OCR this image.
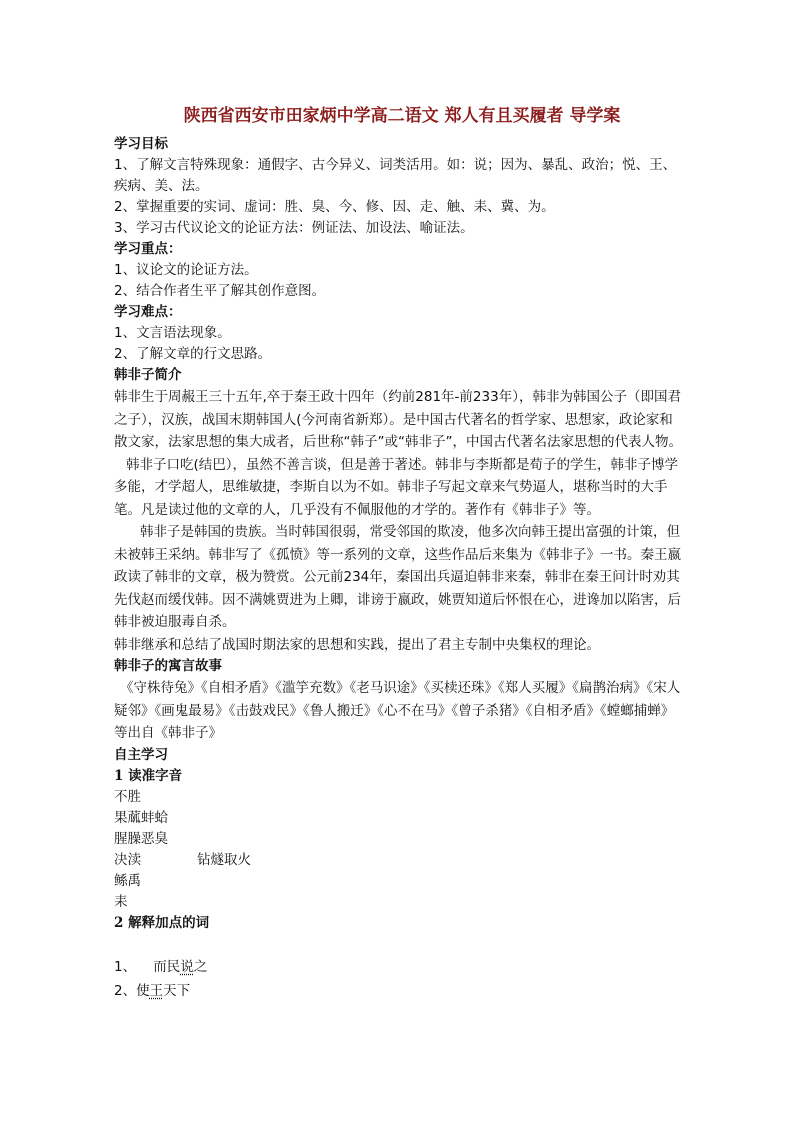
陕西省西安市田家炳中学高二语文 郑人有且买履者 导学案
学习目标

1、了解文言特殊现象：通假字、古今异义、词类活用。如：说；因为、暴乱、政治；悦、王、疾病、美、法。

2、掌握重要的实词、虚词：胜、臭、今、修、因、走、触、耒、冀、为。

3、学习古代议论文的论证方法：例证法、加设法、喻证法。

学习重点：

1、议论文的论证方法。

2、结合作者生平了解其创作意图。

学习难点：

1、文言语法现象。

2、了解文章的行文思路。

韩非子简介

韩非生于周赧王三十五年,卒于秦王政十四年（约前281年-前233年），韩非为韩国公子（即国君之子），汉族，战国末期韩国人(今河南省新郑）。是中国古代著名的哲学家、思想家，政论家和散文家，法家思想的集大成者，后世称“韩子”或“韩非子”，中国古代著名法家思想的代表人物。

韩非子口吃(结巴），虽然不善言谈，但是善于著述。韩非与李斯都是荀子的学生，韩非子博学多能，才学超人，思维敏捷，李斯自以为不如。韩非子写起文章来气势逼人，堪称当时的大手笔。凡是读过他的文章的人，几乎没有不佩服他的才学的。著作有《韩非子》等。

韩非子是韩国的贵族。当时韩国很弱，常受邻国的欺凌，他多次向韩王提出富强的计策，但未被韩王采纳。韩非写了《孤愤》等一系列的文章，这些作品后来集为《韩非子》一书。秦王嬴政读了韩非的文章，极为赞赏。公元前234年，秦国出兵逼迫韩非来秦，韩非在秦王问计时劝其先伐赵而缓伐韩。因不满姚贾进为上卿，诽谤于嬴政，姚贾知道后怀恨在心，进谗加以陷害，后韩非被迫服毒自杀。

韩非继承和总结了战国时期法家的思想和实践，提出了君主专制中央集权的理论。

韩非子的寓言故事

《守株待兔》《自相矛盾》《滥竽充数》《老马识途》《买椟还珠》《郑人买履》《扁鹊治病》《宋人疑邻》《画鬼最易》《击鼓戏民》《鲁人搬迁》《心不在马》《曾子杀猪》《自相矛盾》《螳螂捕蝉》等出自《韩非子》

自主学习
1 读准字音
不胜
果蓏蚌蛤
腥臊恶臭
决渎	钻燧取火
鲧禹
耒
2 解释加点的词
1、 而民说之
2、使王天下
